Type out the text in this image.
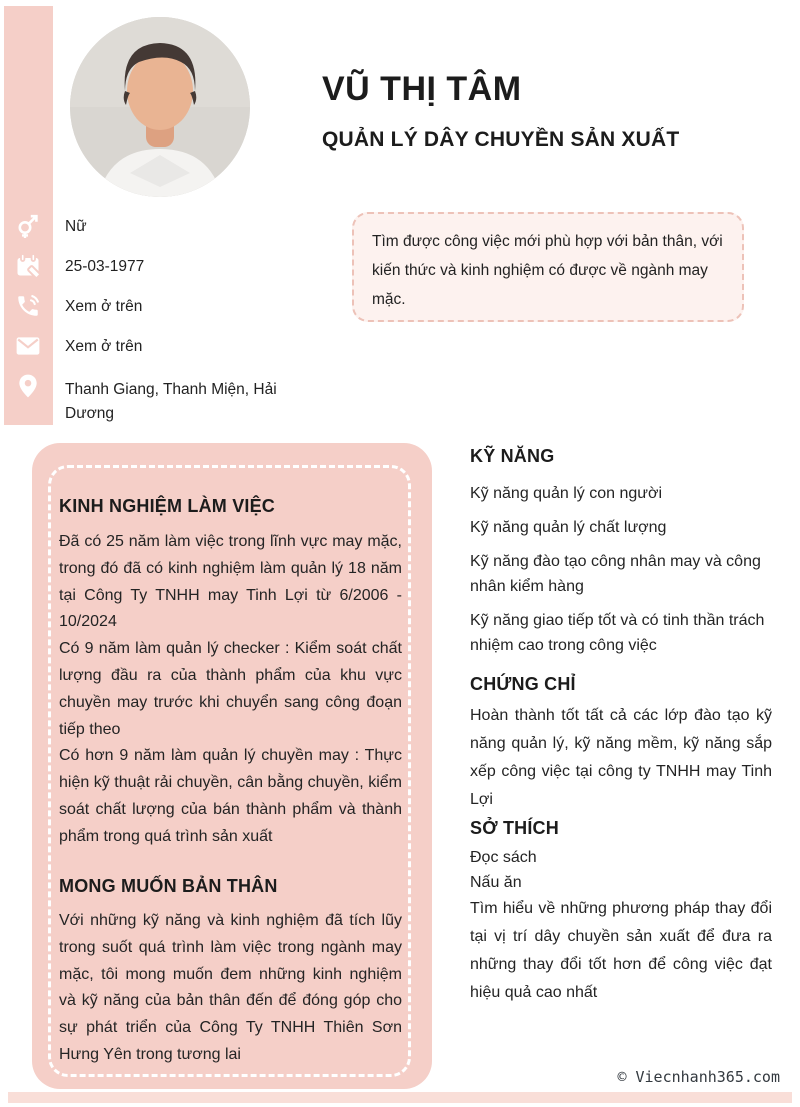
VŨ THỊ TÂM
QUẢN LÝ DÂY CHUYỀN SẢN XUẤT
Nữ
25-03-1977
Xem ở trên
Xem ở trên
Thanh Giang, Thanh Miện, Hải Dương
Tìm được công việc mới phù hợp với bản thân, với kiến thức và kinh nghiệm có được về ngành may mặc.
KINH NGHIỆM LÀM VIỆC

Đã có 25 năm làm việc trong lĩnh vực may mặc, trong đó đã có kinh nghiệm làm quản lý 18 năm tại Công Ty TNHH may Tinh Lợi từ 6/2006 - 10/2024

Có 9 năm làm quản lý checker : Kiểm soát chất lượng đầu ra của thành phẩm của khu vực chuyền may trước khi chuyển sang công đoạn tiếp theo

Có hơn 9 năm làm quản lý chuyền may : Thực hiện kỹ thuật rải chuyền, cân bằng chuyền, kiểm soát chất lượng của bán thành phẩm và thành phẩm trong quá trình sản xuất

MONG MUỐN BẢN THÂN
Với những kỹ năng và kinh nghiệm đã tích lũy trong suốt quá trình làm việc trong ngành may mặc, tôi mong muốn đem những kinh nghiệm và kỹ năng của bản thân đến để đóng góp cho sự phát triển của Công Ty TNHH Thiên Sơn Hưng Yên trong tương lai
KỸ NĂNG
Kỹ năng quản lý con người
Kỹ năng quản lý chất lượng
Kỹ năng đào tạo công nhân may và công nhân kiểm hàng
Kỹ năng giao tiếp tốt và có tinh thần trách nhiệm cao trong công việc
CHỨNG CHỈ
Hoàn thành tốt tất cả các lớp đào tạo kỹ năng quản lý, kỹ năng mềm, kỹ năng sắp xếp công việc tại công ty TNHH may Tinh Lợi
SỞ THÍCH
Đọc sách
Nấu ăn
Tìm hiểu về những phương pháp thay đổi tại vị trí dây chuyền sản xuất để đưa ra những thay đổi tốt hơn để công việc đạt hiệu quả cao nhất
© Viecnhanh365.com
